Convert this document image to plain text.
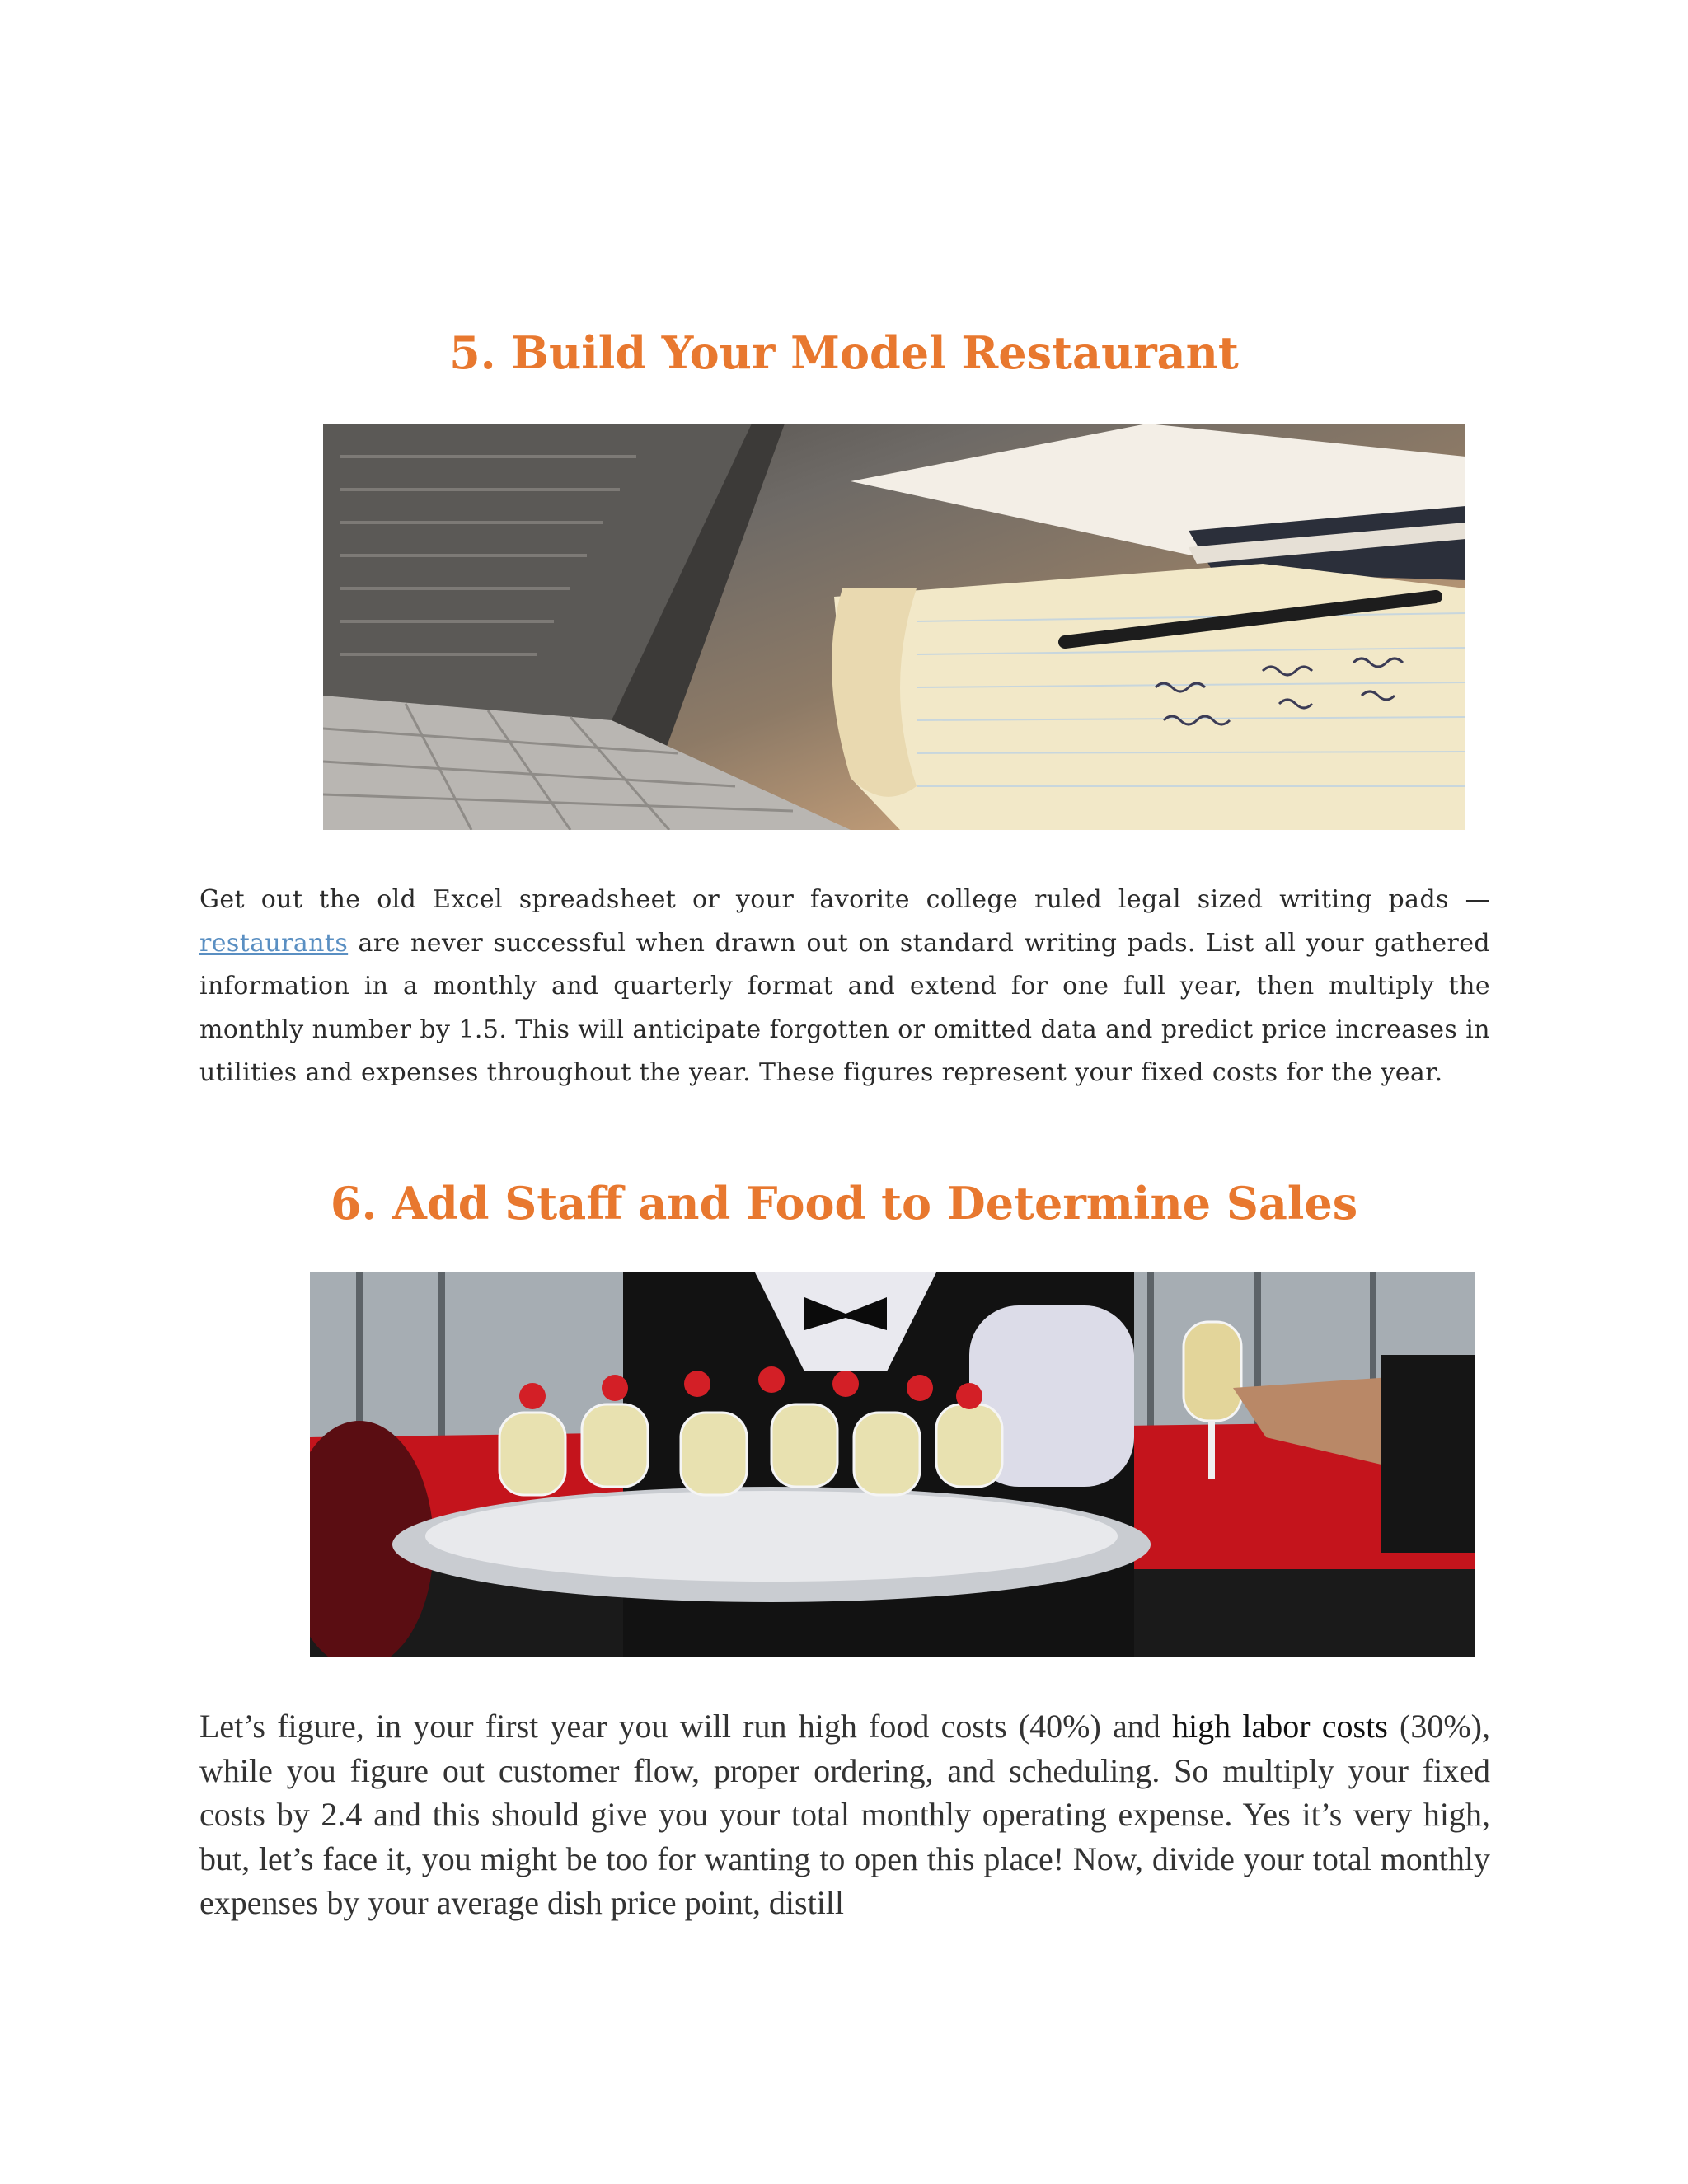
5. Build Your Model Restaurant

Get out the old Excel spreadsheet or your favorite college ruled legal sized writing pads — restaurants are never successful when drawn out on standard writing pads. List all your gathered information in a monthly and quarterly format and extend for one full year, then multiply the monthly number by 1.5. This will anticipate forgotten or omitted data and predict price increases in utilities and expenses throughout the year. These figures represent your fixed costs for the year.

6. Add Staff and Food to Determine Sales

Let’s figure, in your first year you will run high food costs (40%) and high labor costs (30%), while you figure out customer flow, proper ordering, and scheduling. So multiply your fixed costs by 2.4 and this should give you your total monthly operating expense. Yes it’s very high, but, let’s face it, you might be too for wanting to open this place! Now, divide your total monthly expenses by your average dish price point, distill
